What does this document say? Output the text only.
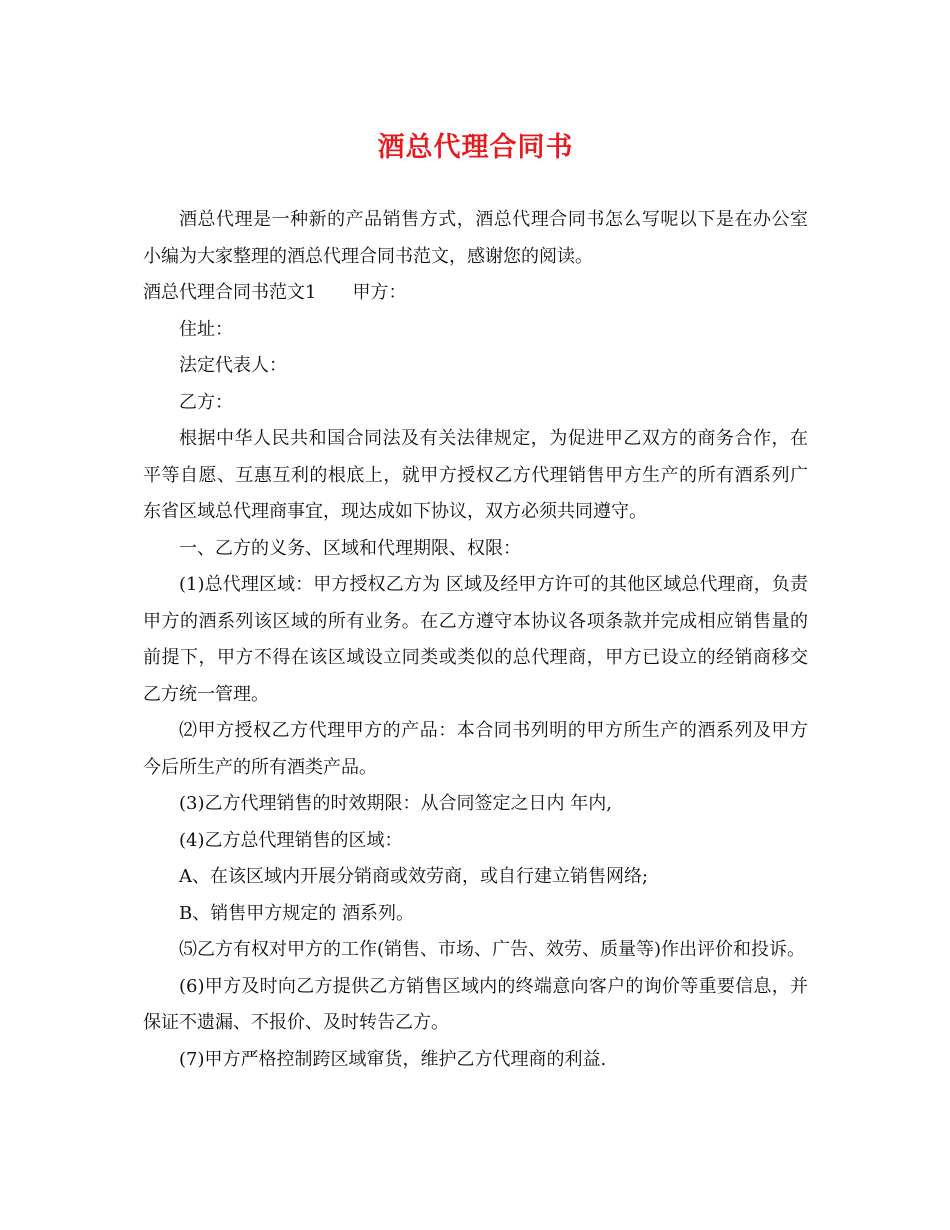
酒总代理合同书

酒总代理是一种新的产品销售方式，酒总代理合同书怎么写呢以下是在办公室小编为大家整理的酒总代理合同书范文，感谢您的阅读。

酒总代理合同书范文1 甲方：

住址：

法定代表人：

乙方：

根据中华人民共和国合同法及有关法律规定，为促进甲乙双方的商务合作，在平等自愿、互惠互利的根底上，就甲方授权乙方代理销售甲方生产的所有酒系列广东省区域总代理商事宜，现达成如下协议，双方必须共同遵守。

一、乙方的义务、区域和代理期限、权限：

(1)总代理区域：甲方授权乙方为 区域及经甲方许可的其他区域总代理商，负责甲方的酒系列该区域的所有业务。在乙方遵守本协议各项条款并完成相应销售量的前提下，甲方不得在该区域设立同类或类似的总代理商，甲方已设立的经销商移交乙方统一管理。

⑵甲方授权乙方代理甲方的产品：本合同书列明的甲方所生产的酒系列及甲方今后所生产的所有酒类产品。

(3)乙方代理销售的时效期限：从合同签定之日内 年内,

(4)乙方总代理销售的区域：

A、在该区域内开展分销商或效劳商，或自行建立销售网络;

B、销售甲方规定的 酒系列。

⑸乙方有权对甲方的工作(销售、市场、广告、效劳、质量等)作出评价和投诉。

(6)甲方及时向乙方提供乙方销售区域内的终端意向客户的询价等重要信息，并保证不遗漏、不报价、及时转告乙方。

(7)甲方严格控制跨区域窜货，维护乙方代理商的利益.
